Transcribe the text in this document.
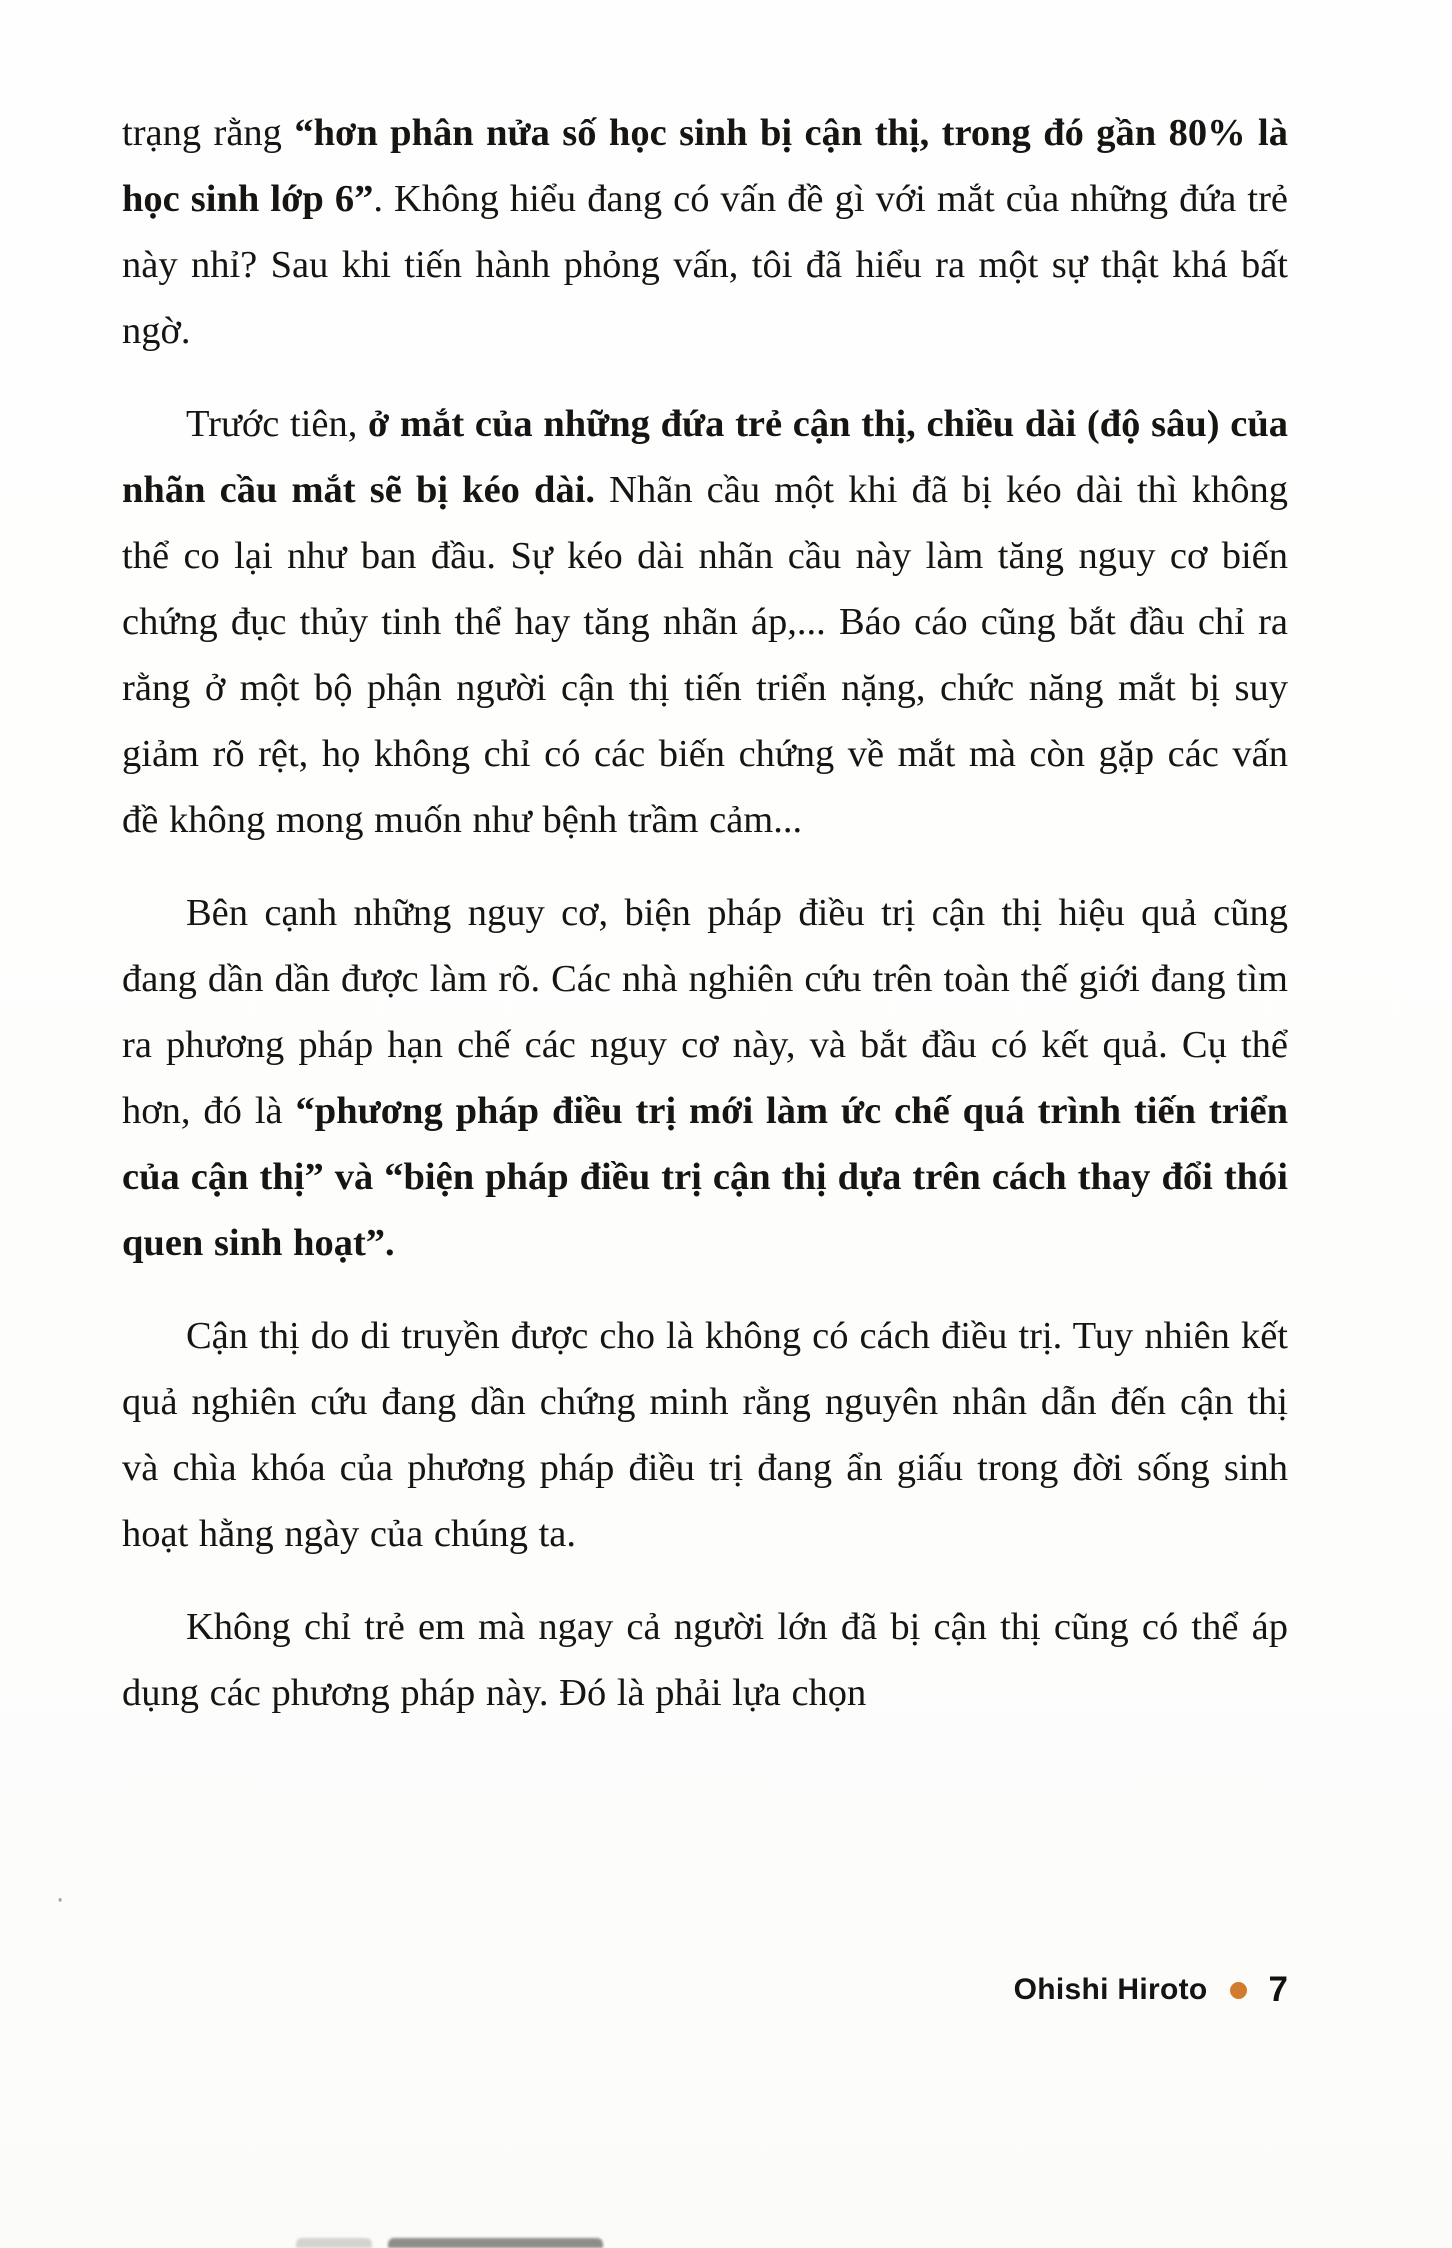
trạng rằng “hơn phân nửa số học sinh bị cận thị, trong đó gần 80% là học sinh lớp 6”. Không hiểu đang có vấn đề gì với mắt của những đứa trẻ này nhỉ? Sau khi tiến hành phỏng vấn, tôi đã hiểu ra một sự thật khá bất ngờ.

Trước tiên, ở mắt của những đứa trẻ cận thị, chiều dài (độ sâu) của nhãn cầu mắt sẽ bị kéo dài. Nhãn cầu một khi đã bị kéo dài thì không thể co lại như ban đầu. Sự kéo dài nhãn cầu này làm tăng nguy cơ biến chứng đục thủy tinh thể hay tăng nhãn áp,... Báo cáo cũng bắt đầu chỉ ra rằng ở một bộ phận người cận thị tiến triển nặng, chức năng mắt bị suy giảm rõ rệt, họ không chỉ có các biến chứng về mắt mà còn gặp các vấn đề không mong muốn như bệnh trầm cảm...

Bên cạnh những nguy cơ, biện pháp điều trị cận thị hiệu quả cũng đang dần dần được làm rõ. Các nhà nghiên cứu trên toàn thế giới đang tìm ra phương pháp hạn chế các nguy cơ này, và bắt đầu có kết quả. Cụ thể hơn, đó là “phương pháp điều trị mới làm ức chế quá trình tiến triển của cận thị” và “biện pháp điều trị cận thị dựa trên cách thay đổi thói quen sinh hoạt”.

Cận thị do di truyền được cho là không có cách điều trị. Tuy nhiên kết quả nghiên cứu đang dần chứng minh rằng nguyên nhân dẫn đến cận thị và chìa khóa của phương pháp điều trị đang ẩn giấu trong đời sống sinh hoạt hằng ngày của chúng ta.

Không chỉ trẻ em mà ngay cả người lớn đã bị cận thị cũng có thể áp dụng các phương pháp này. Đó là phải lựa chọn

·
Ohishi Hiroto 7
